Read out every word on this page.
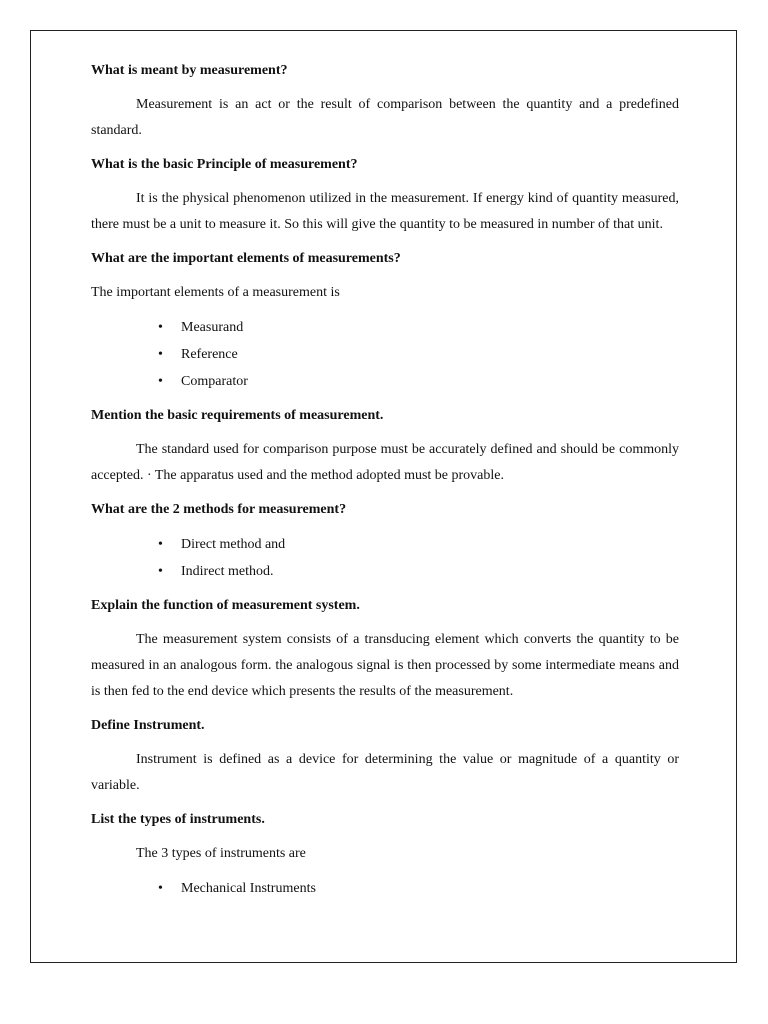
What is meant by measurement?
Measurement is an act or the result of comparison between the quantity and a predefined standard.
What is the basic Principle of measurement?
It is the physical phenomenon utilized in the measurement. If energy kind of quantity measured, there must be a unit to measure it. So this will give the quantity to be measured in number of that unit.
What are the important elements of measurements?
The important elements of a measurement is
• Measurand
• Reference
• Comparator
Mention the basic requirements of measurement.
The standard used for comparison purpose must be accurately defined and should be commonly accepted. · The apparatus used and the method adopted must be provable.
What are the 2 methods for measurement?
• Direct method and
• Indirect method.
Explain the function of measurement system.
The measurement system consists of a transducing element which converts the quantity to be measured in an analogous form. the analogous signal is then processed by some intermediate means and is then fed to the end device which presents the results of the measurement.
Define Instrument.
Instrument is defined as a device for determining the value or magnitude of a quantity or variable.
List the types of instruments.
The 3 types of instruments are
• Mechanical Instruments
